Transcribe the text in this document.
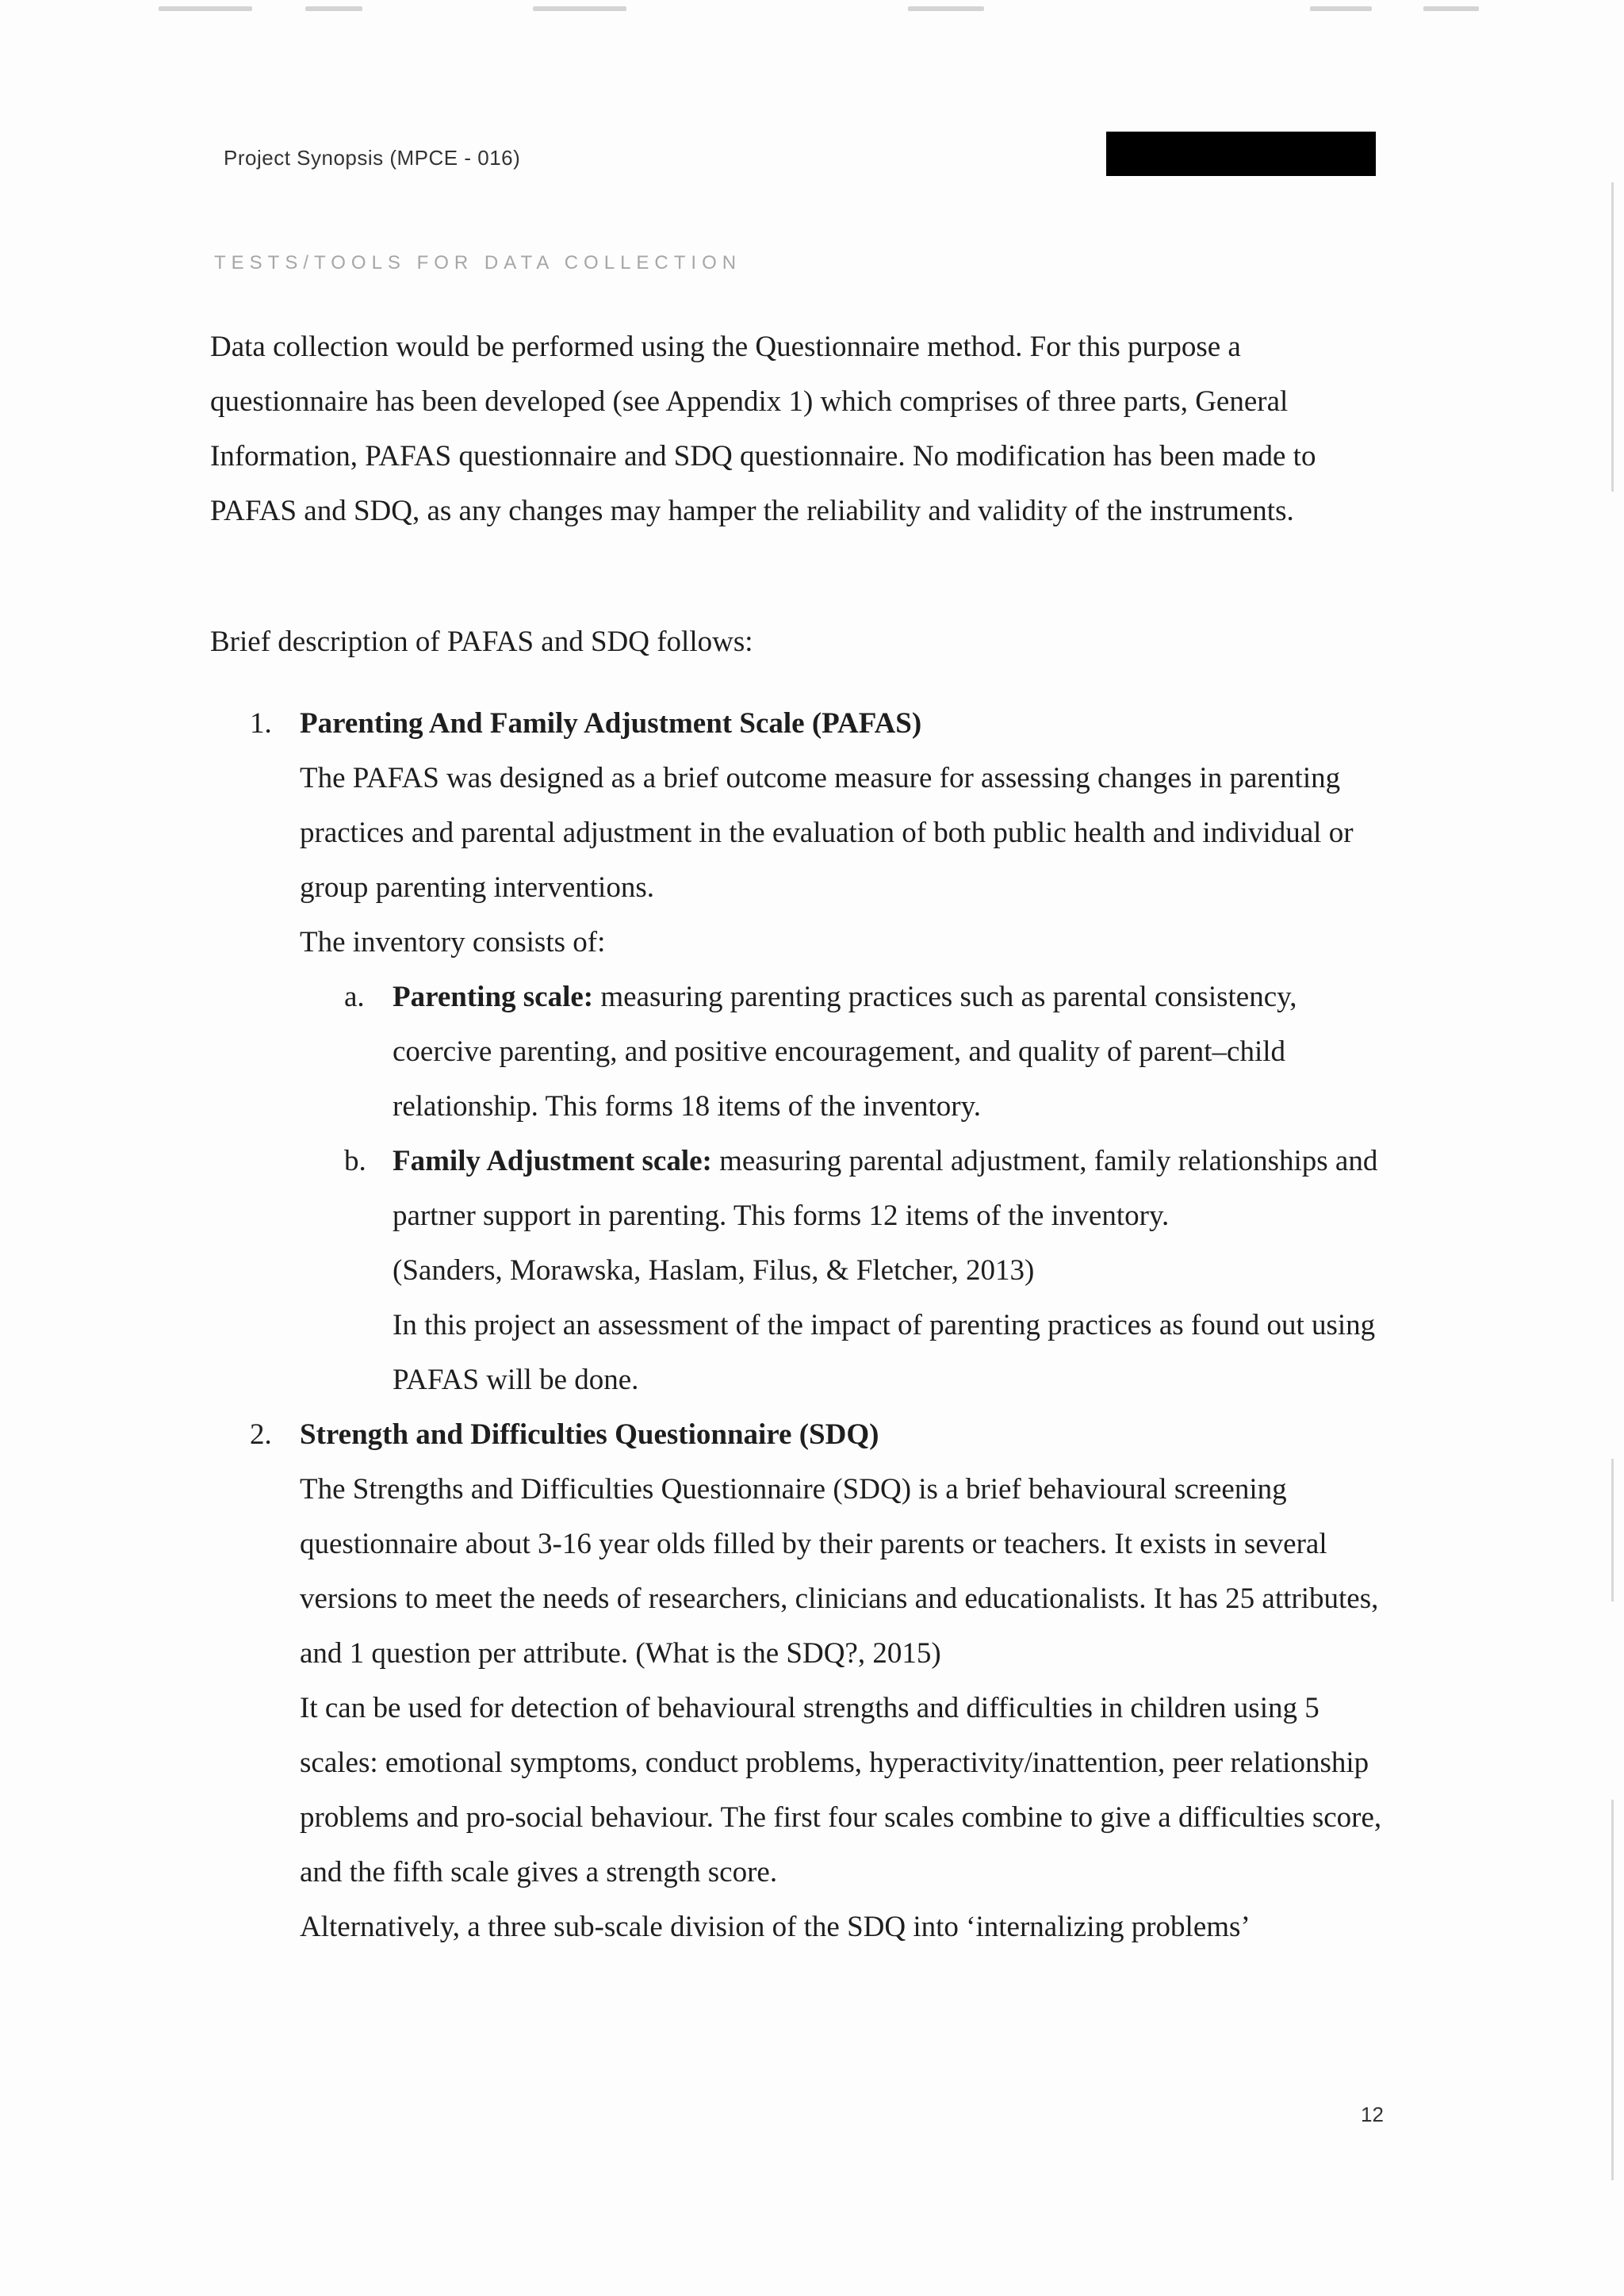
Project Synopsis (MPCE - 016)
TESTS/TOOLS FOR DATA COLLECTION
Data collection would be performed using the Questionnaire method. For this purpose a questionnaire has been developed (see Appendix 1) which comprises of three parts, General Information, PAFAS questionnaire and SDQ questionnaire. No modification has been made to PAFAS and SDQ, as any changes may hamper the reliability and validity of the instruments.
Brief description of PAFAS and SDQ follows:
1. Parenting And Family Adjustment Scale (PAFAS)
The PAFAS was designed as a brief outcome measure for assessing changes in parenting practices and parental adjustment in the evaluation of both public health and individual or group parenting interventions.
The inventory consists of:
a. Parenting scale: measuring parenting practices such as parental consistency, coercive parenting, and positive encouragement, and quality of parent–child relationship. This forms 18 items of the inventory.
b. Family Adjustment scale: measuring parental adjustment, family relationships and partner support in parenting. This forms 12 items of the inventory.
(Sanders, Morawska, Haslam, Filus, & Fletcher, 2013)
In this project an assessment of the impact of parenting practices as found out using PAFAS will be done.
2. Strength and Difficulties Questionnaire (SDQ)
The Strengths and Difficulties Questionnaire (SDQ) is a brief behavioural screening questionnaire about 3-16 year olds filled by their parents or teachers. It exists in several versions to meet the needs of researchers, clinicians and educationalists. It has 25 attributes, and 1 question per attribute. (What is the SDQ?, 2015)
It can be used for detection of behavioural strengths and difficulties in children using 5 scales: emotional symptoms, conduct problems, hyperactivity/inattention, peer relationship problems and pro-social behaviour. The first four scales combine to give a difficulties score, and the fifth scale gives a strength score.
Alternatively, a three sub-scale division of the SDQ into ‘internalizing problems’
12
